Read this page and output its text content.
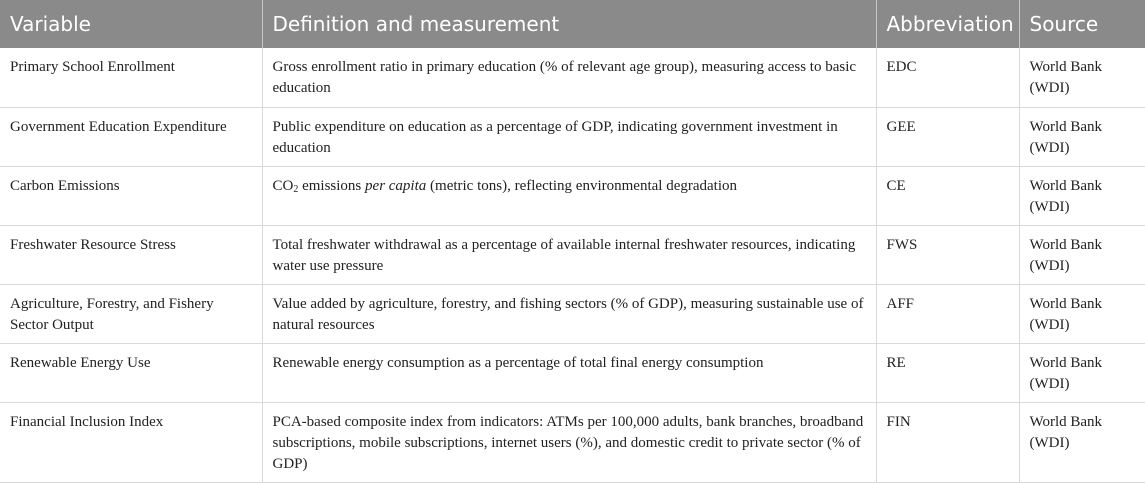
Variable	Definition and measurement	Abbreviation	Source
Primary School Enrollment	Gross enrollment ratio in primary education (% of relevant age group), measuring access to basic education	EDC	World Bank (WDI)
Government Education Expenditure	Public expenditure on education as a percentage of GDP, indicating government investment in education	GEE	World Bank (WDI)
Carbon Emissions	$CO_2$ emissions per capita (metric tons), reflecting environmental degradation	CE	World Bank (WDI)
Freshwater Resource Stress	Total freshwater withdrawal as a percentage of available internal freshwater resources, indicating water use pressure	FWS	World Bank (WDI)
Agriculture, Forestry, and Fishery Sector Output	Value added by agriculture, forestry, and fishing sectors (% of GDP), measuring sustainable use of natural resources	AFF	World Bank (WDI)
Renewable Energy Use	Renewable energy consumption as a percentage of total final energy consumption	RE	World Bank (WDI)
Financial Inclusion Index	PCA-based composite index from indicators: ATMs per 100,000 adults, bank branches, broadband subscriptions, mobile subscriptions, internet users (%), and domestic credit to private sector (% of GDP)	FIN	World Bank (WDI)
